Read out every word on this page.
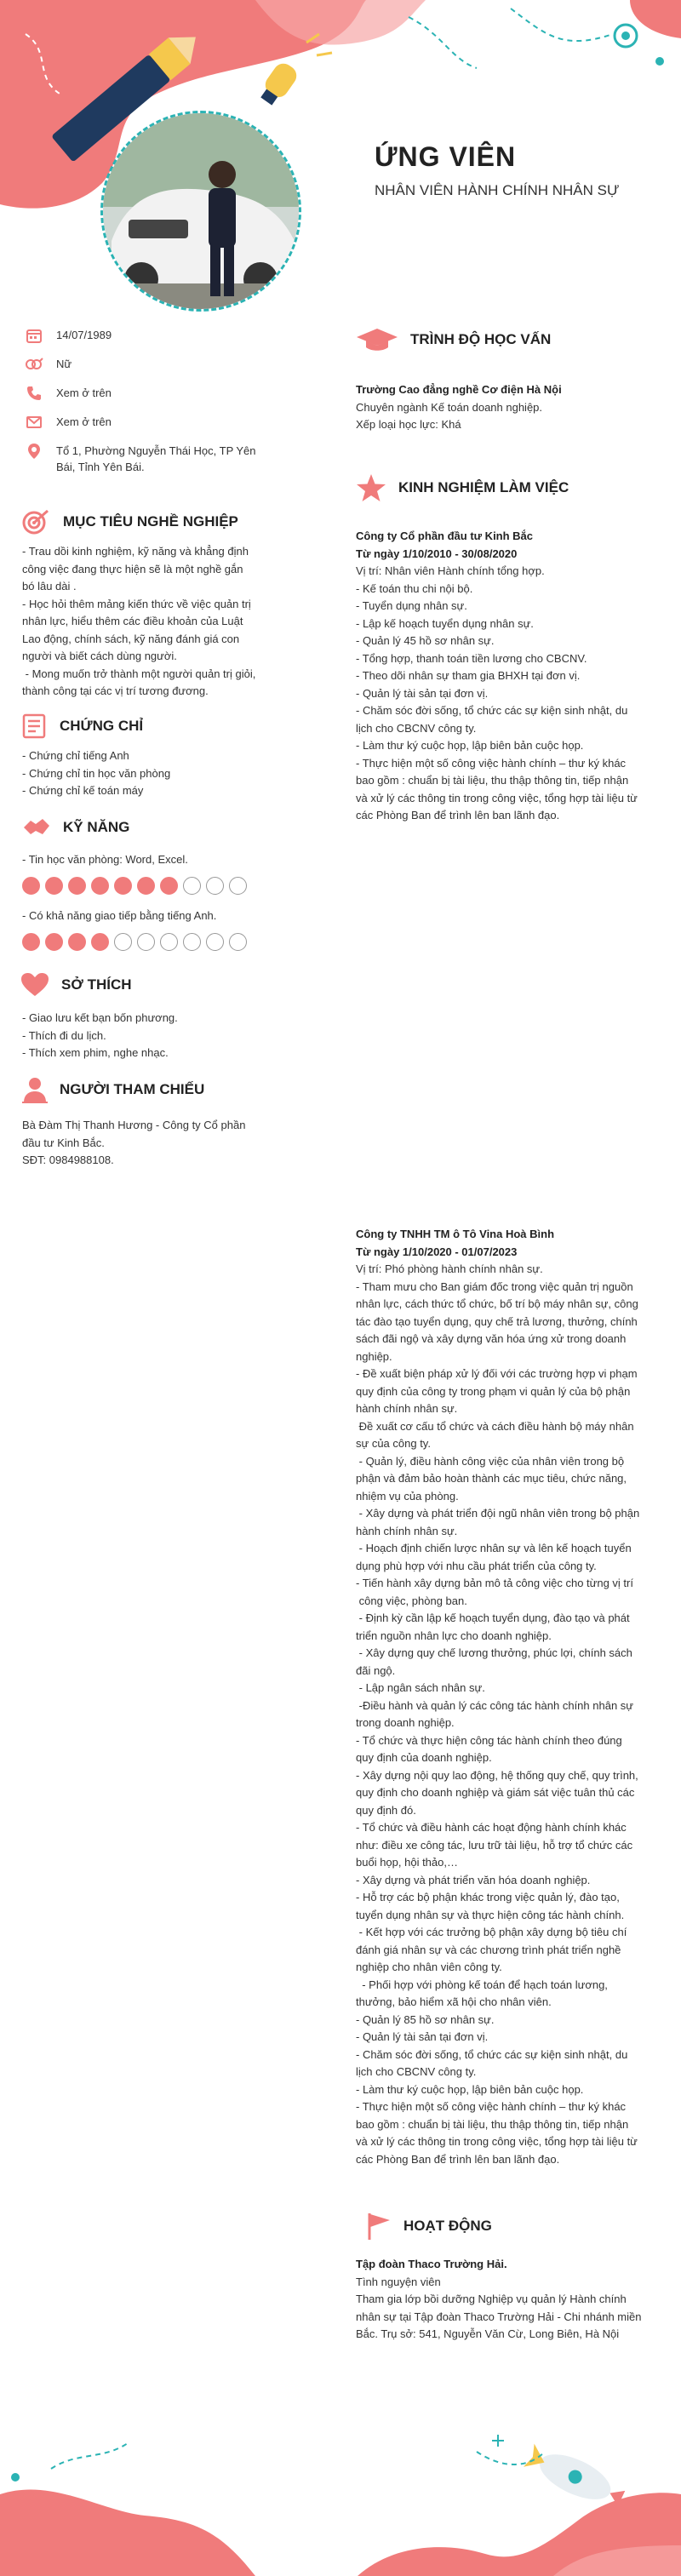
ỨNG VIÊN
NHÂN VIÊN HÀNH CHÍNH NHÂN SỰ
14/07/1989
Nữ
Xem ở trên
Xem ở trên
Tổ 1, Phường Nguyễn Thái Học, TP Yên Bái, Tỉnh Yên Bái.
MỤC TIÊU NGHỀ NGHIỆP
- Trau dồi kinh nghiệm, kỹ năng và khẳng định
công việc đang thực hiện sẽ là một nghề gắn
bó lâu dài .
- Học hỏi thêm mảng kiến thức về việc quản trị
nhân lực, hiểu thêm các điều khoản của Luật
Lao động, chính sách, kỹ năng đánh giá con
người và biết cách dùng người.
- Mong muốn trở thành một người quản trị giỏi,
thành công tại các vị trí tương đương.
CHỨNG CHỈ
- Chứng chỉ tiếng Anh
- Chứng chỉ tin học văn phòng
- Chứng chỉ kế toán máy
KỸ NĂNG
- Tin học văn phòng: Word, Excel.
- Có khả năng giao tiếp bằng tiếng Anh.
SỞ THÍCH
- Giao lưu kết bạn bốn phương.
- Thích đi du lịch.
- Thích xem phim, nghe nhạc.
NGƯỜI THAM CHIẾU
Bà Đàm Thị Thanh Hương - Công ty Cổ phần
đầu tư Kinh Bắc.
SĐT: 0984988108.
TRÌNH ĐỘ HỌC VẤN
Trường Cao đẳng nghề Cơ điện Hà Nội
Chuyên ngành Kế toán doanh nghiệp.
Xếp loại học lực: Khá
KINH NGHIỆM LÀM VIỆC
Công ty Cổ phần đầu tư Kinh Bắc
Từ ngày 1/10/2010 - 30/08/2020
Vị trí: Nhân viên Hành chính tổng hợp.
- Kế toán thu chi nội bộ.
- Tuyển dụng nhân sự.
- Lập kế hoạch tuyển dụng nhân sự.
- Quản lý 45 hồ sơ nhân sự.
- Tổng hợp, thanh toán tiền lương cho CBCNV.
- Theo dõi nhân sự tham gia BHXH tại đơn vị.
- Quản lý tài sản tại đơn vị.
- Chăm sóc đời sống, tổ chức các sự kiện sinh nhật, du
lịch cho CBCNV công ty.
- Làm thư ký cuộc họp, lập biên bản cuộc họp.
- Thực hiện một số công việc hành chính – thư ký khác
bao gồm : chuẩn bị tài liệu, thu thập thông tin, tiếp nhận
và xử lý các thông tin trong công việc, tổng hợp tài liệu từ
các Phòng Ban để trình lên ban lãnh đạo.
Công ty TNHH TM ô Tô Vina Hoà Bình
Từ ngày 1/10/2020 - 01/07/2023
Vị trí: Phó phòng hành chính nhân sự.
- Tham mưu cho Ban giám đốc trong việc quản trị nguồn
nhân lực, cách thức tổ chức, bố trí bộ máy nhân sự, công
tác đào tạo tuyển dụng, quy chế trả lương, thưởng, chính
sách đãi ngộ và xây dựng văn hóa ứng xử trong doanh
nghiệp.
- Đề xuất biện pháp xử lý đối với các trường hợp vi phạm
quy định của công ty trong phạm vi quản lý của bộ phận
hành chính nhân sự.
Đề xuất cơ cấu tổ chức và cách điều hành bộ máy nhân
sự của công ty.
- Quản lý, điều hành công việc của nhân viên trong bộ
phận và đảm bảo hoàn thành các mục tiêu, chức năng,
nhiệm vụ của phòng.
- Xây dựng và phát triển đội ngũ nhân viên trong bộ phận
hành chính nhân sự.
- Hoạch định chiến lược nhân sự và lên kế hoạch tuyển
dụng phù hợp với nhu cầu phát triển của công ty.
- Tiến hành xây dựng bản mô tả công việc cho từng vị trí
công việc, phòng ban.
- Định kỳ cần lập kế hoạch tuyển dụng, đào tạo và phát
triển nguồn nhân lực cho doanh nghiệp.
- Xây dựng quy chế lương thưởng, phúc lợi, chính sách
đãi ngộ.
- Lập ngân sách nhân sự.
-Điều hành và quản lý các công tác hành chính nhân sự
trong doanh nghiệp.
- Tổ chức và thực hiện công tác hành chính theo đúng
quy định của doanh nghiệp.
- Xây dựng nội quy lao động, hệ thống quy chế, quy trình,
quy định cho doanh nghiệp và giám sát việc tuân thủ các
quy định đó.
- Tổ chức và điều hành các hoạt động hành chính khác
như: điều xe công tác, lưu trữ tài liệu, hỗ trợ tổ chức các
buổi họp, hội thảo,…
- Xây dựng và phát triển văn hóa doanh nghiệp.
- Hỗ trợ các bộ phận khác trong việc quản lý, đào tạo,
tuyển dụng nhân sự và thực hiện công tác hành chính.
- Kết hợp với các trưởng bộ phận xây dựng bộ tiêu chí
đánh giá nhân sự và các chương trình phát triển nghề
nghiệp cho nhân viên công ty.
- Phối hợp với phòng kế toán để hạch toán lương,
thưởng, bảo hiểm xã hội cho nhân viên.
- Quản lý 85 hồ sơ nhân sự.
- Quản lý tài sản tại đơn vị.
- Chăm sóc đời sống, tổ chức các sự kiện sinh nhật, du
lịch cho CBCNV công ty.
- Làm thư ký cuộc họp, lập biên bản cuộc họp.
- Thực hiện một số công việc hành chính – thư ký khác
bao gồm : chuẩn bị tài liệu, thu thập thông tin, tiếp nhận
và xử lý các thông tin trong công việc, tổng hợp tài liệu từ
các Phòng Ban để trình lên ban lãnh đạo.
HOẠT ĐỘNG
Tập đoàn Thaco Trường Hải.
Tình nguyện viên
Tham gia lớp bồi dưỡng Nghiệp vụ quản lý Hành chính
nhân sự tại Tập đoàn Thaco Trường Hải - Chi nhánh miền
Bắc. Trụ sở: 541, Nguyễn Văn Cừ, Long Biên, Hà Nội
